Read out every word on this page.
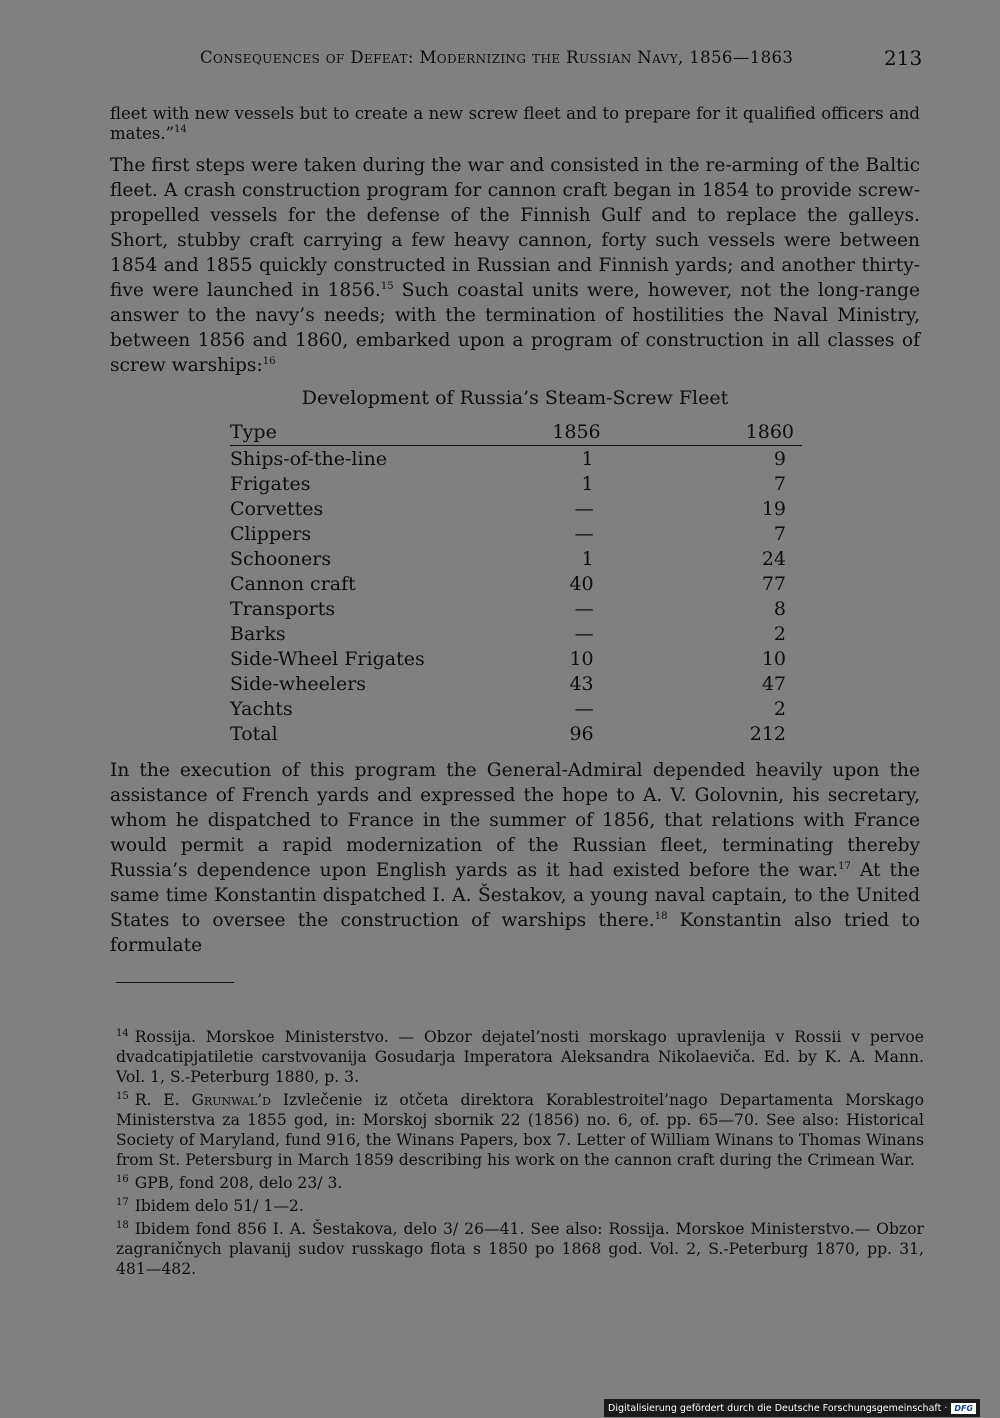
Consequences of Defeat: Modernizing the Russian Navy, 1856—1863	213
fleet with new vessels but to create a new screw fleet and to prepare for it qualified officers and mates.”$^{14}$
The first steps were taken during the war and consisted in the re-arming of the Baltic fleet. A crash construction program for cannon craft began in 1854 to provide screw-propelled vessels for the defense of the Finnish Gulf and to replace the galleys. Short, stubby craft carrying a few heavy cannon, forty such vessels were between 1854 and 1855 quickly constructed in Russian and Finnish yards; and another thirty-five were launched in 1856.15 Such coastal units were, however, not the long-range answer to the navy’s needs; with the termination of hostilities the Naval Ministry, between 1856 and 1860, embarked upon a program of construction in all classes of screw warships:$^{16}$
Development of Russia’s Steam-Screw Fleet
Type	1856	1860
Ships-of-the-line	1	9
Frigates	1	7
Corvettes	—	19
Clippers	—	7
Schooners	1	24
Cannon craft	40	77
Transports	—	8
Barks	—	2
Side-Wheel Frigates	10	10
Side-wheelers	43	47
Yachts	—	2
Total	96	212
In the execution of this program the General-Admiral depended heavily upon the assistance of French yards and expressed the hope to A. V. Golovnin, his secretary, whom he dispatched to France in the summer of 1856, that relations with France would permit a rapid modernization of the Russian fleet, terminating thereby Russia’s dependence upon English yards as it had existed before the war.$^{17}$ At the same time Konstantin dispatched I. A. Šestakov, a young naval captain, to the United States to oversee the construction of warships there.$^{18}$ Konstantin also tried to formulate

$^{14}$ Rossija. Morskoe Ministerstvo. — Obzor dejatel’nosti morskago upravlenija v Rossii v pervoe dvadcatipjatiletie carstvovanija Gosudarja Imperatora Aleksandra Nikolaeviča. Ed. by K. A. Mann. Vol. 1, S.-Peterburg 1880, p. 3.

$^{15}$ R. E. Grunwal’d Izvlečenie iz otčeta direktora Korablestroitel’nago Departamenta Morskago Ministerstva za 1855 god, in: Morskoj sbornik 22 (1856) no. 6, of. pp. 65—70. See also: Historical Society of Maryland, fund 916, the Winans Papers, box 7. Letter of William Winans to Thomas Winans from St. Petersburg in March 1859 describing his work on the cannon craft during the Crimean War.

$^{16}$ GPB, fond 208, delo 23/ 3.

$^{17}$ Ibidem delo 51/ 1—2.

$^{18}$ Ibidem fond 856 I. A. Šestakova, delo 3/ 26—41. See also: Rossija. Morskoe Ministerstvo.— Obzor zagraničnych plavanij sudov russkago flota s 1850 po 1868 god. Vol. 2, S.-Peterburg 1870, pp. 31, 481—482.

Digitalisierung gefördert durch die Deutsche Forschungsgemeinschaft · DFG
